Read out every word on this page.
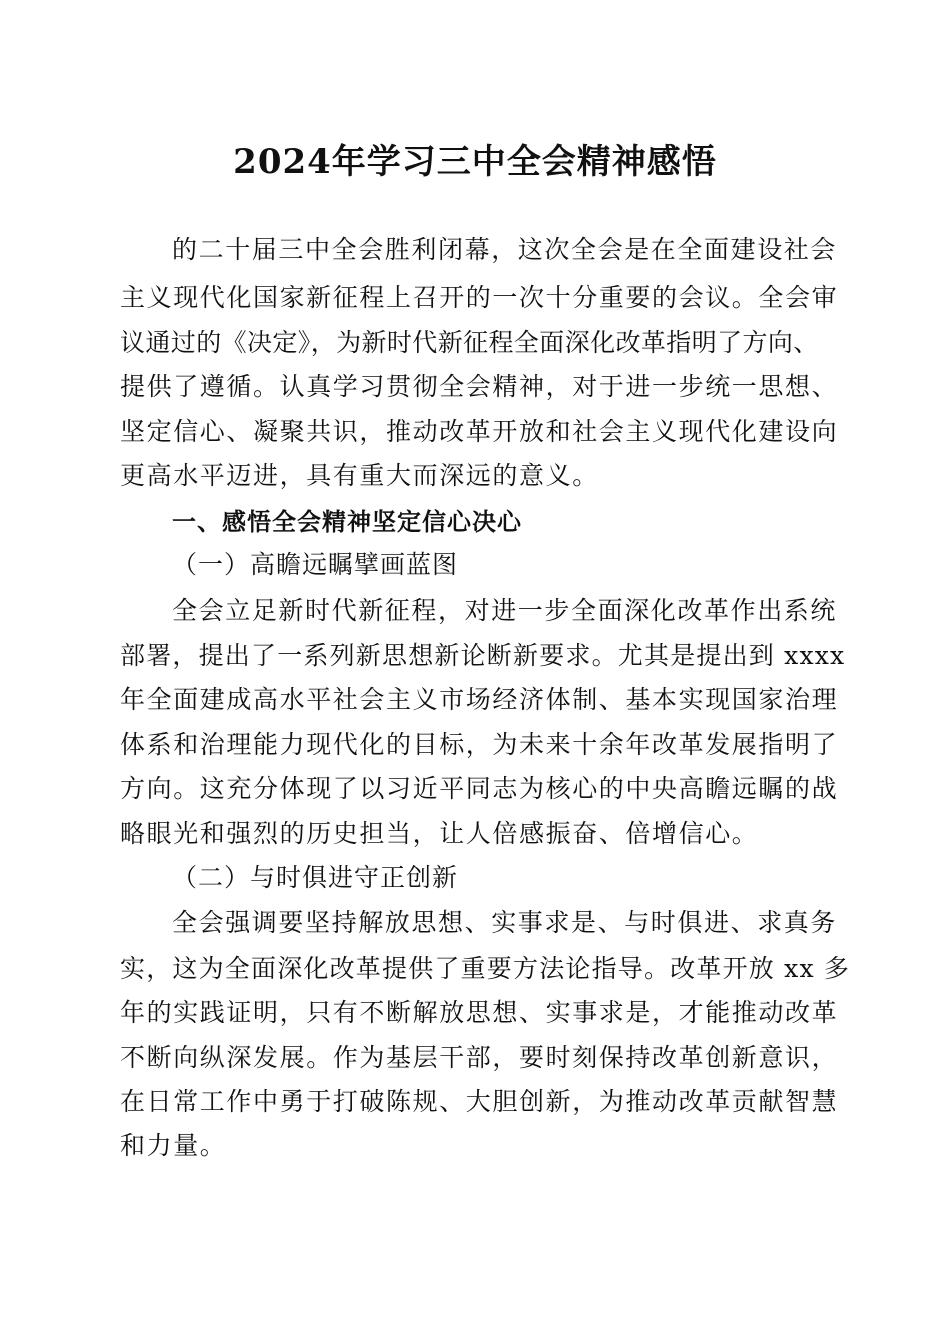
2024年学习三中全会精神感悟
的二十届三中全会胜利闭幕，这次全会是在全面建设社会
主义现代化国家新征程上召开的一次十分重要的会议。全会审
议通过的《决定》，为新时代新征程全面深化改革指明了方向、
提供了遵循。认真学习贯彻全会精神，对于进一步统一思想、
坚定信心、凝聚共识，推动改革开放和社会主义现代化建设向
更高水平迈进，具有重大而深远的意义。
一、感悟全会精神坚定信心决心
（一）高瞻远瞩擘画蓝图
全会立足新时代新征程，对进一步全面深化改革作出系统
部署，提出了一系列新思想新论断新要求。尤其是提出到 xxxx
年全面建成高水平社会主义市场经济体制、基本实现国家治理
体系和治理能力现代化的目标，为未来十余年改革发展指明了
方向。这充分体现了以习近平同志为核心的中央高瞻远瞩的战
略眼光和强烈的历史担当，让人倍感振奋、倍增信心。
（二）与时俱进守正创新
全会强调要坚持解放思想、实事求是、与时俱进、求真务
实，这为全面深化改革提供了重要方法论指导。改革开放 xx 多
年的实践证明，只有不断解放思想、实事求是，才能推动改革
不断向纵深发展。作为基层干部，要时刻保持改革创新意识，
在日常工作中勇于打破陈规、大胆创新，为推动改革贡献智慧
和力量。
